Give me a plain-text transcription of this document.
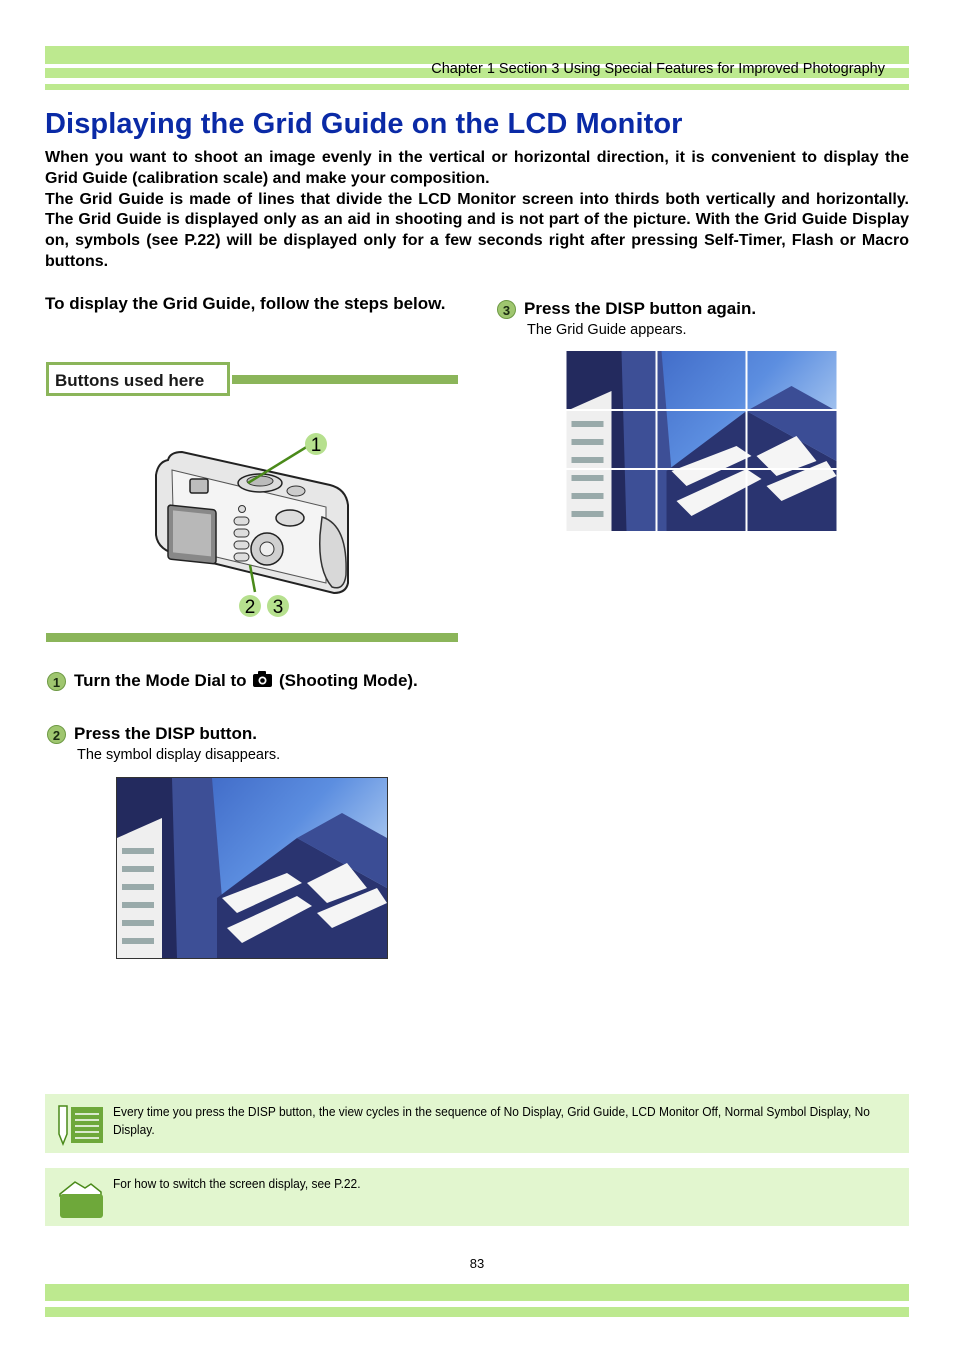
Chapter 1 Section 3 Using Special Features for Improved Photography
Displaying the Grid Guide on the LCD Monitor

When you want to shoot an image evenly in the vertical or horizontal direction, it is convenient to display the Grid Guide (calibration scale) and make your composition.

The Grid Guide is made of lines that divide the LCD Monitor screen into thirds both vertically and horizontally. The Grid Guide is displayed only as an aid in shooting and is not part of the picture. With the Grid Guide Display on, symbols (see P.22) will be displayed only for a few seconds right after pressing Self-Timer, Flash or Macro buttons.

To display the Grid Guide, follow the steps below.
Buttons used here
1
2 3
1 Turn the Mode Dial to (Shooting Mode).
2 Press the DISP button.
The symbol display disappears.
3 Press the DISP button again.
The Grid Guide appears.
Every time you press the DISP button, the view cycles in the sequence of No Display, Grid Guide, LCD Monitor Off, Normal Symbol Display, No Display.
For how to switch the screen display, see P.22.
83
